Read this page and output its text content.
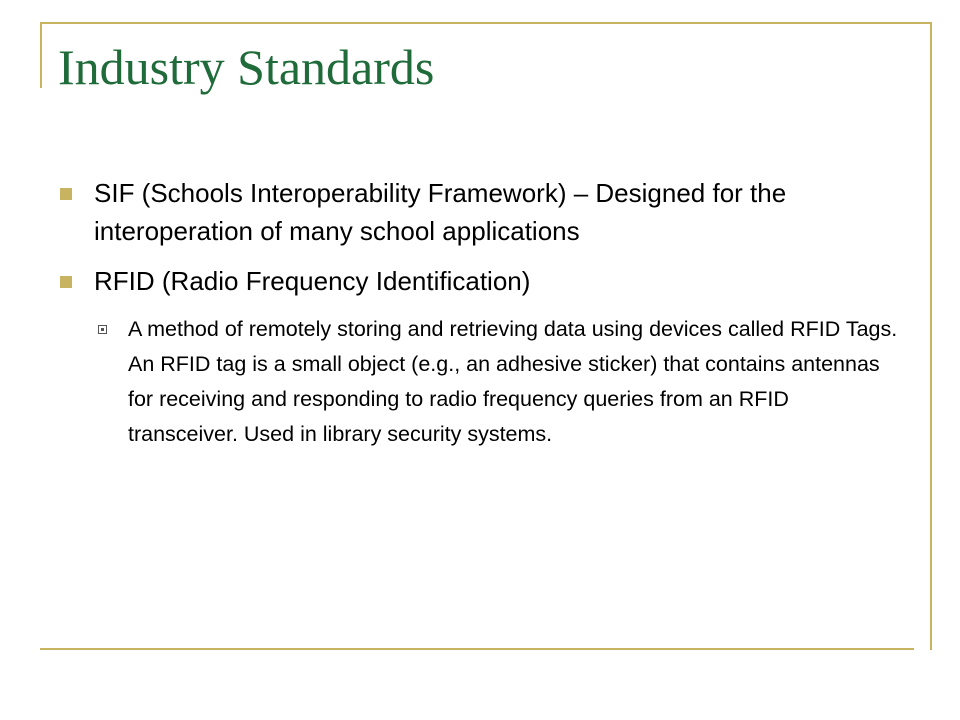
Industry Standards
SIF (Schools Interoperability Framework) – Designed for the interoperation of many school applications
RFID (Radio Frequency Identification)
A method of remotely storing and retrieving data using devices called RFID Tags. An RFID tag is a small object (e.g., an adhesive sticker) that contains antennas for receiving and responding to radio frequency queries from an RFID transceiver. Used in library security systems.
